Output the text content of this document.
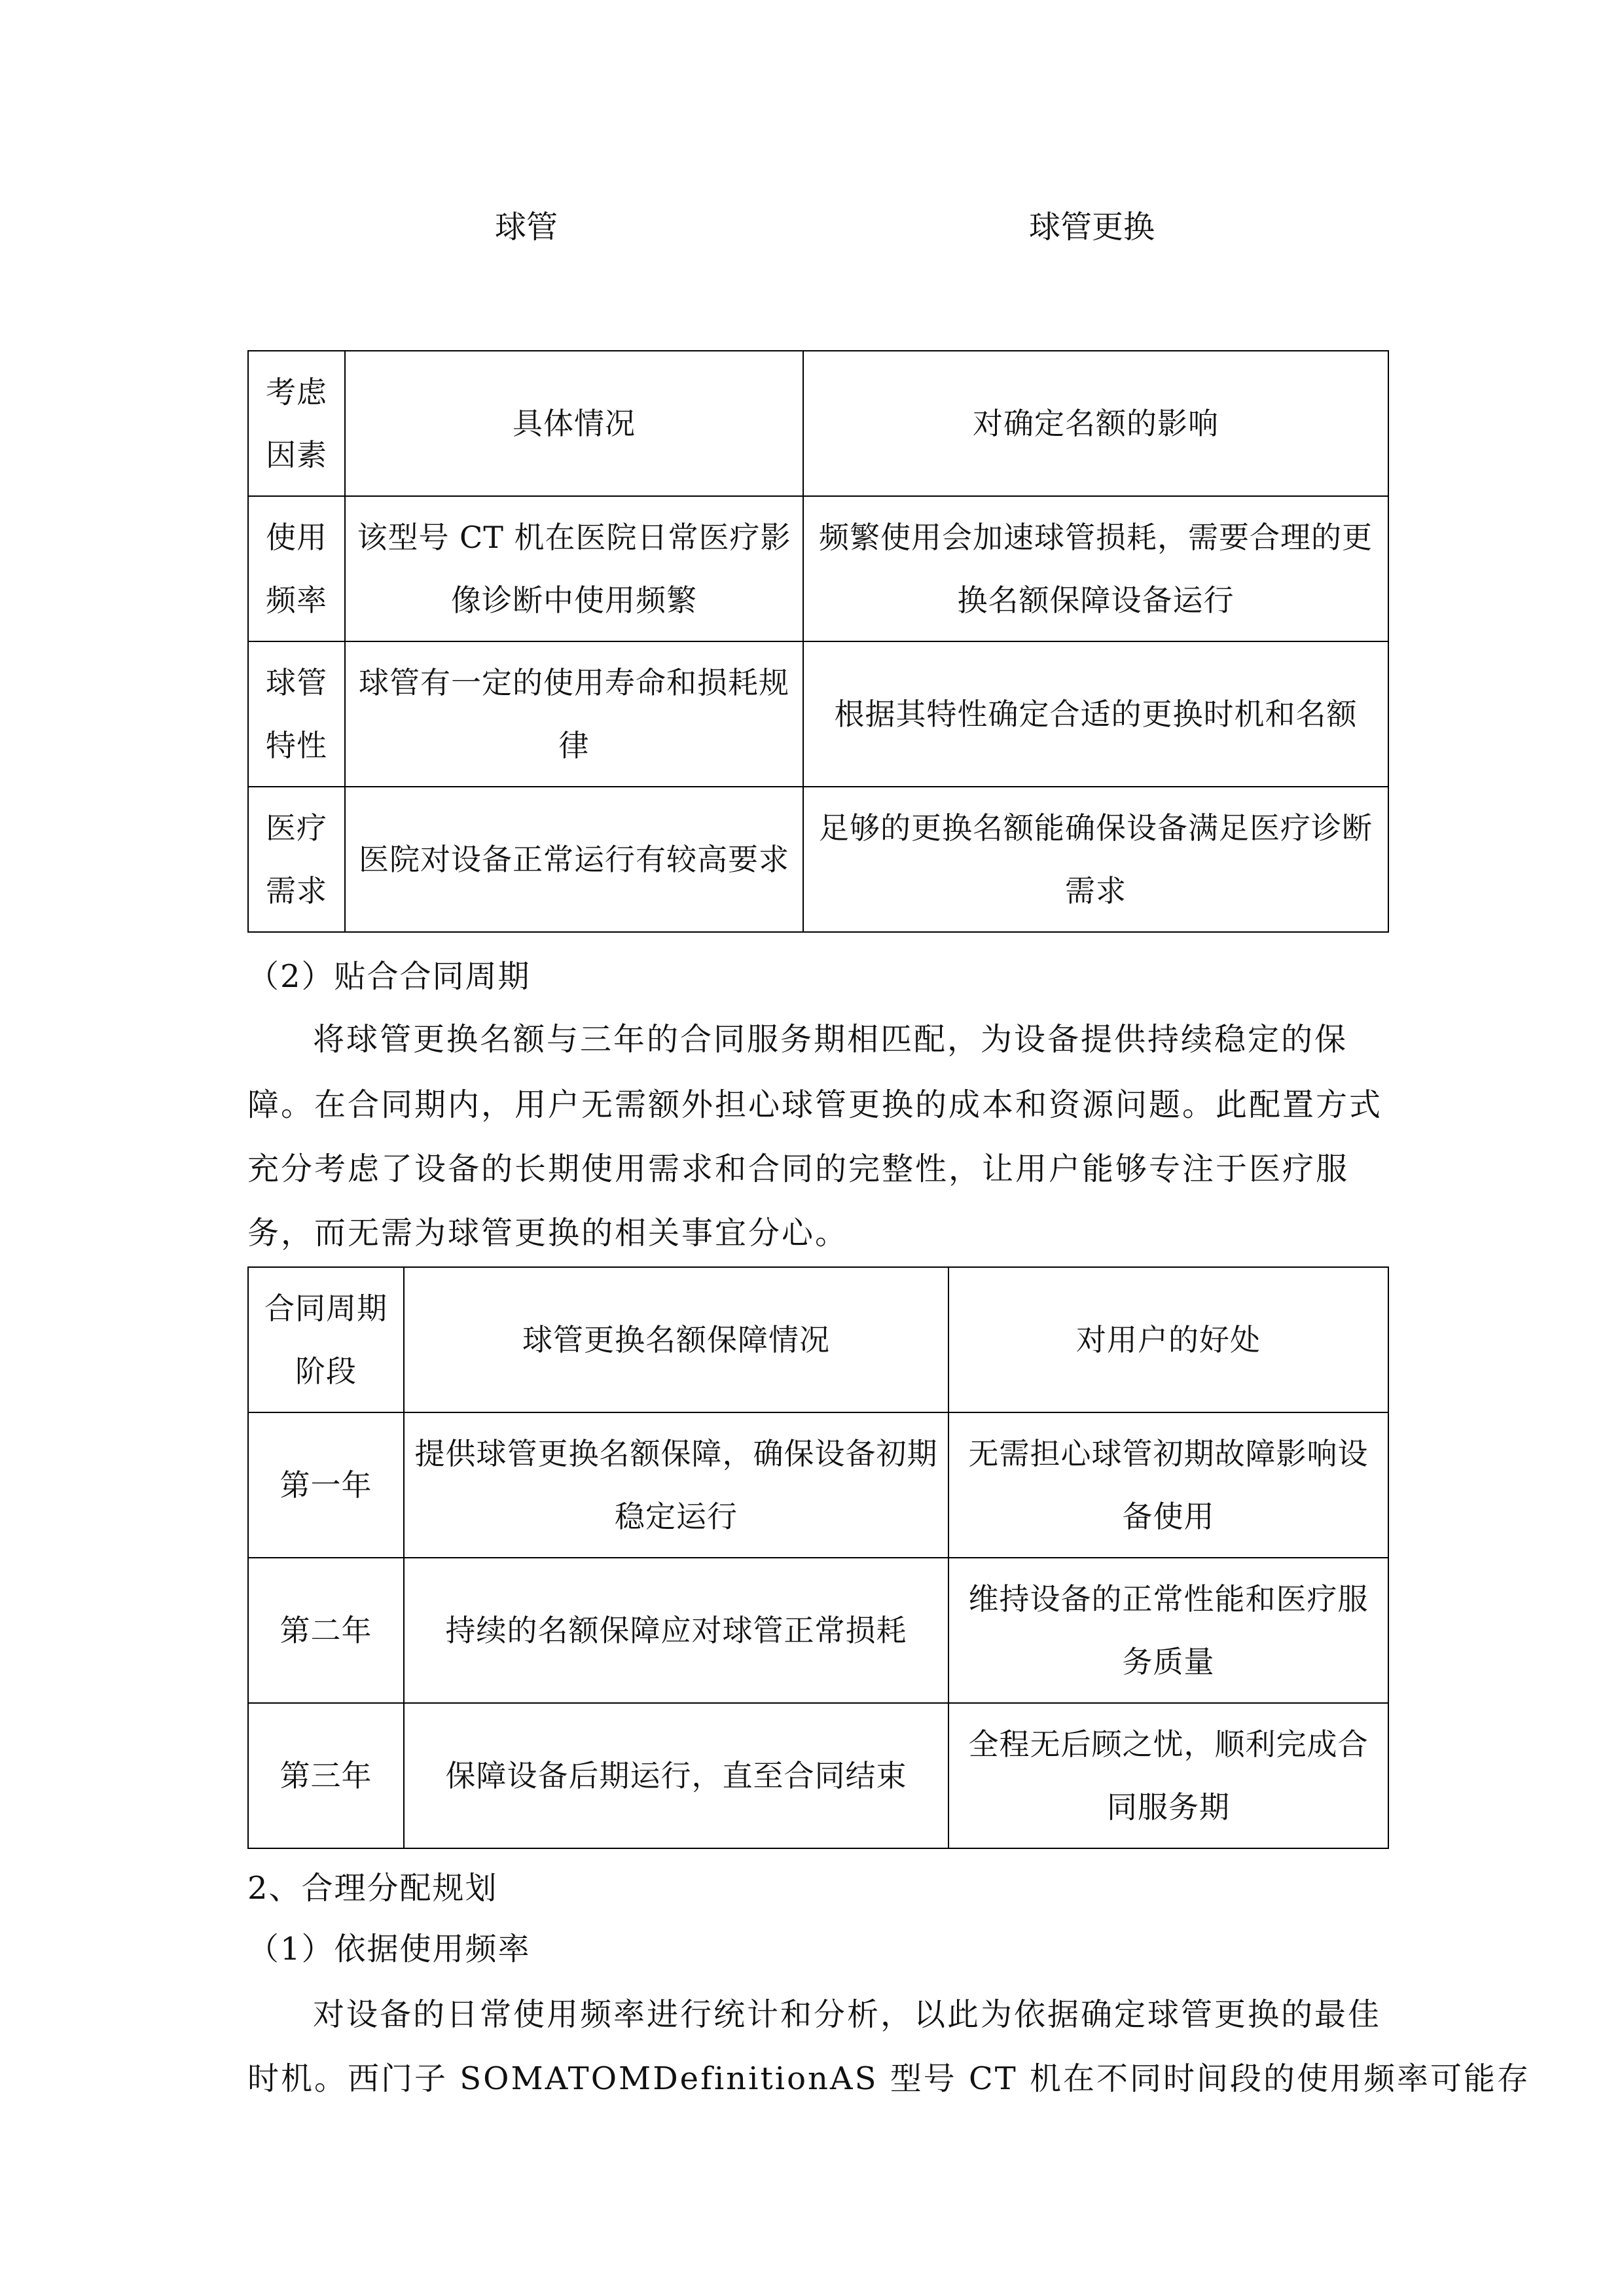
球管	球管更换
考虑因素	具体情况	对确定名额的影响
使用频率	该型号 CT 机在医院日常医疗影像诊断中使用频繁	频繁使用会加速球管损耗，需要合理的更换名额保障设备运行
球管特性	球管有一定的使用寿命和损耗规律	根据其特性确定合适的更换时机和名额
医疗需求	医院对设备正常运行有较高要求	足够的更换名额能确保设备满足医疗诊断需求
（2）贴合合同周期
将球管更换名额与三年的合同服务期相匹配，为设备提供持续稳定的保
障。在合同期内，用户无需额外担心球管更换的成本和资源问题。此配置方式
充分考虑了设备的长期使用需求和合同的完整性，让用户能够专注于医疗服
务，而无需为球管更换的相关事宜分心。
合同周期阶段	球管更换名额保障情况	对用户的好处
第一年	提供球管更换名额保障，确保设备初期稳定运行	无需担心球管初期故障影响设备使用
第二年	持续的名额保障应对球管正常损耗	维持设备的正常性能和医疗服务质量
第三年	保障设备后期运行，直至合同结束	全程无后顾之忧，顺利完成合同服务期
2、合理分配规划
（1）依据使用频率
对设备的日常使用频率进行统计和分析，以此为依据确定球管更换的最佳
时机。西门子 SOMATOMDefinitionAS 型号 CT 机在不同时间段的使用频率可能存
